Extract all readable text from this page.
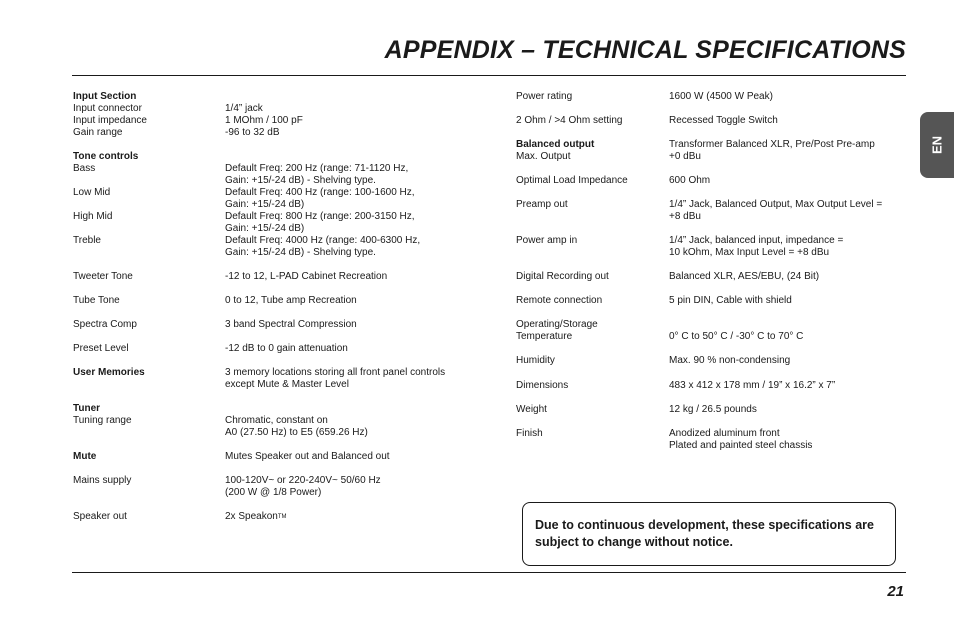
APPENDIX – TECHNICAL SPECIFICATIONS
EN
Input Section
Input connector	1/4” jack
Input impedance	1 MOhm / 100 pF
Gain range	-96 to 32 dB
Tone controls
Bass	Default Freq: 200 Hz (range: 71-1120 Hz,
Gain: +15/-24 dB) - Shelving type.
Low Mid	Default Freq: 400 Hz (range: 100-1600 Hz,
Gain: +15/-24 dB)
High Mid	Default Freq: 800 Hz (range: 200-3150 Hz,
Gain: +15/-24 dB)
Treble	Default Freq: 4000 Hz (range: 400-6300 Hz,
Gain: +15/-24 dB) - Shelving type.
Tweeter Tone	-12 to 12, L-PAD Cabinet Recreation
Tube Tone	0 to 12, Tube amp Recreation
Spectra Comp	3 band Spectral Compression
Preset Level	-12 dB to 0 gain attenuation
User Memories	3 memory locations storing all front panel controls
except Mute & Master Level
Tuner
Tuning range	Chromatic, constant on
A0 (27.50 Hz) to E5 (659.26 Hz)
Mute	Mutes Speaker out and Balanced out
Mains supply	100-120V~ or 220-240V~ 50/60 Hz
(200 W @ 1/8 Power)
Speaker out	2x Speakon™
Power rating	1600 W (4500 W Peak)
2 Ohm / >4 Ohm setting	Recessed Toggle Switch
Balanced output	Transformer Balanced XLR, Pre/Post Pre-amp
Max. Output	+0 dBu
Optimal Load Impedance	600 Ohm
Preamp out	1/4” Jack, Balanced Output, Max Output Level =
+8 dBu
Power amp in	1/4” Jack, balanced input, impedance =
10 kOhm, Max Input Level = +8 dBu
Digital Recording out	Balanced XLR, AES/EBU, (24 Bit)
Remote connection	5 pin DIN, Cable with shield
Operating/Storage
Temperature	0° C to 50° C / -30° C to 70° C
Humidity	Max. 90 % non-condensing
Dimensions	483 x 412 x 178 mm / 19” x 16.2” x 7”
Weight	12 kg / 26.5 pounds
Finish	Anodized aluminum front
Plated and painted steel chassis
Due to continuous development, these specifications are subject to change without notice.
21
